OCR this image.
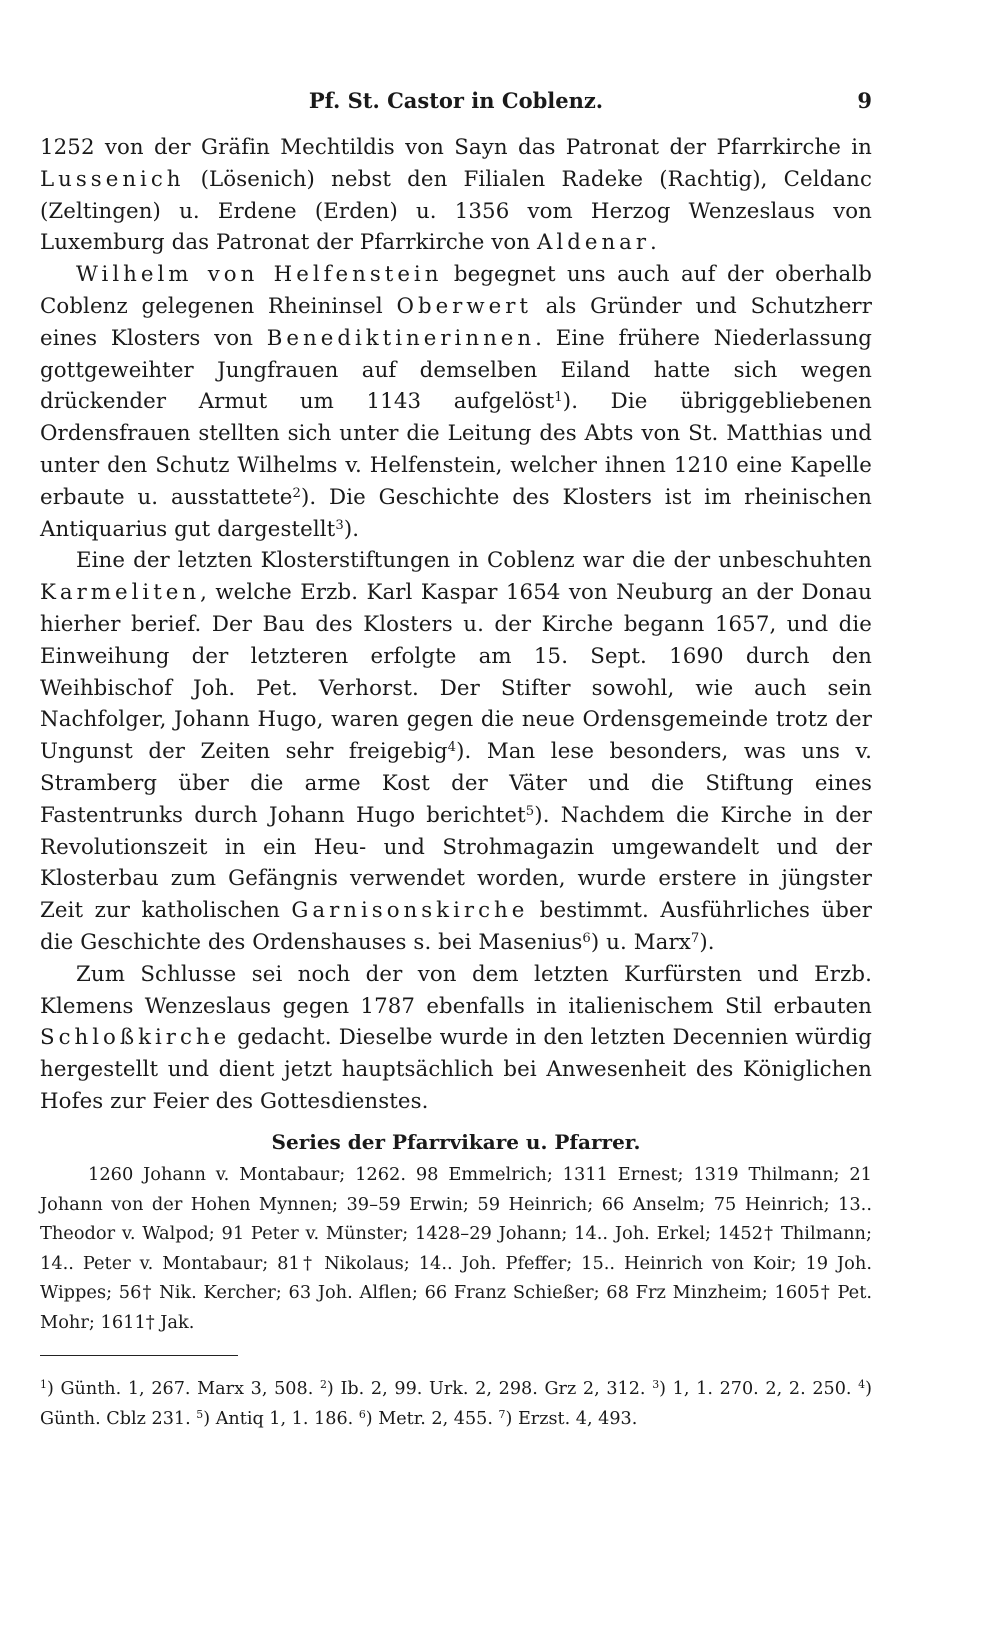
Pf. St. Castor in Coblenz.	9

1252 von der Gräfin Mechtildis von Sayn das Patronat der Pfarrkirche in Lussenich (Lösenich) nebst den Filialen Radeke (Rachtig), Celdanc (Zeltingen) u. Erdene (Erden) u. 1356 vom Herzog Wenzeslaus von Luxemburg das Patronat der Pfarrkirche von Aldenar.

Wilhelm von Helfenstein begegnet uns auch auf der oberhalb Coblenz gelegenen Rheininsel Oberwert als Gründer und Schutzherr eines Klosters von Benediktinerinnen. Eine frühere Niederlassung gottgeweihter Jungfrauen auf demselben Eiland hatte sich wegen drückender Armut um 1143 aufgelöst$^1$). Die übriggebliebenen Ordensfrauen stellten sich unter die Leitung des Abts von St. Matthias und unter den Schutz Wilhelms v. Helfenstein, welcher ihnen 1210 eine Kapelle erbaute u. ausstattete$^2$). Die Geschichte des Klosters ist im rheinischen Antiquarius gut dargestellt$^3$).

Eine der letzten Klosterstiftungen in Coblenz war die der unbeschuhten Karmeliten, welche Erzb. Karl Kaspar 1654 von Neuburg an der Donau hierher berief. Der Bau des Klosters u. der Kirche begann 1657, und die Einweihung der letzteren erfolgte am 15. Sept. 1690 durch den Weihbischof Joh. Pet. Verhorst. Der Stifter sowohl, wie auch sein Nachfolger, Johann Hugo, waren gegen die neue Ordensgemeinde trotz der Ungunst der Zeiten sehr freigebig$^4$). Man lese besonders, was uns v. Stramberg über die arme Kost der Väter und die Stiftung eines Fastentrunks durch Johann Hugo berichtet$^5$). Nachdem die Kirche in der Revolutionszeit in ein Heu- und Strohmagazin umgewandelt und der Klosterbau zum Gefängnis verwendet worden, wurde erstere in jüngster Zeit zur katholischen Garnisonskirche bestimmt. Ausführliches über die Geschichte des Ordenshauses s. bei Masenius$^6$) u. Marx$^7$).

Zum Schlusse sei noch der von dem letzten Kurfürsten und Erzb. Klemens Wenzeslaus gegen 1787 ebenfalls in italienischem Stil erbauten Schloßkirche gedacht. Dieselbe wurde in den letzten Decennien würdig hergestellt und dient jetzt hauptsächlich bei Anwesenheit des Königlichen Hofes zur Feier des Gottesdienstes.

Series der Pfarrvikare u. Pfarrer.
1260 Johann v. Montabaur; 1262. 98 Emmelrich; 1311 Ernest; 1319 Thilmann; 21 Johann von der Hohen Mynnen; 39–59 Erwin; 59 Heinrich; 66 Anselm; 75 Heinrich; 13.. Theodor v. Walpod; 91 Peter v. Münster; 1428–29 Johann; 14.. Joh. Erkel; 1452† Thilmann; 14.. Peter v. Montabaur; 81† Nikolaus; 14.. Joh. Pfeffer; 15.. Heinrich von Koir; 19 Joh. Wippes; 56† Nik. Kercher; 63 Joh. Alflen; 66 Franz Schießer; 68 Frz Minzheim; 1605† Pet. Mohr; 1611† Jak.
$^1$) Günth. 1, 267. Marx 3, 508. $^2$) Ib. 2, 99. Urk. 2, 298. Grz 2, 312. $^3$) 1, 1. 270. 2, 2. 250. $^4$) Günth. Cblz 231. $^5$) Antiq 1, 1. 186. $^6$) Metr. 2, 455. $^7$) Erzst. 4, 493.
